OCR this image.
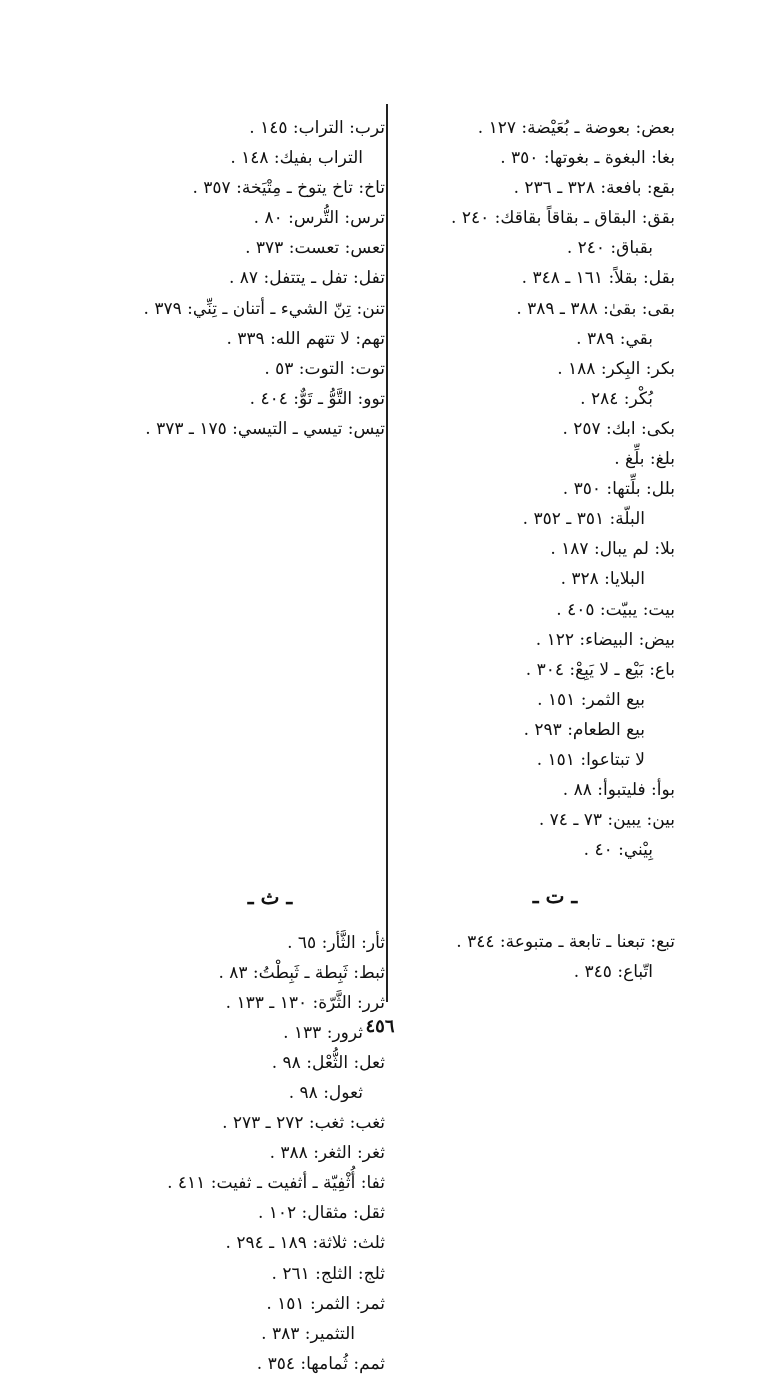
بعض: بعوضة ـ بُعَيْضة: ١٢٧ .
بغا: البغوة ـ بغوتها: ٣٥٠ .
بقع: بافعة: ٣٢٨ ـ ٢٣٦ .
بقق: البقاق ـ بقاقاً بقاقك: ٢٤٠ .
بقباق: ٢٤٠ .
بقل: بقلاً: ١٦١ ـ ٣٤٨ .
بقى: بقىٰ: ٣٨٨ ـ ٣٨٩ .
بقي: ٣٨٩ .
بكر: البِكر: ١٨٨ .
بُكْر: ٢٨٤ .
بكى: ابك: ٢٥٧ .
بلغ: بلِّغ .
بلل: بلِّتها: ٣٥٠ .
البلّة: ٣٥١ ـ ٣٥٢ .
بلا: لم يبال: ١٨٧ .
البلايا: ٣٢٨ .
بيت: يبيّت: ٤٠٥ .
بيض: البيضاء: ١٢٢ .
باع: بَيْع ـ لا يَبِعْ: ٣٠٤ .
بيع الثمر: ١٥١ .
بيع الطعام: ٢٩٣ .
لا تبتاعوا: ١٥١ .
بوأ: فليتبوأ: ٨٨ .
بين: يبين: ٧٣ ـ ٧٤ .
بِيْني: ٤٠ .
ـ ت ـ
تبع: تبعنا ـ تابعة ـ متبوعة: ٣٤٤ .
اتّباع: ٣٤٥ .
ترب: التراب: ١٤٥ .
التراب بفيك: ١٤٨ .
تاخ: تاخ يتوخ ـ مِتْيَخة: ٣٥٧ .
ترس: التُّرس: ٨٠ .
تعس: تعست: ٣٧٣ .
تفل: تفل ـ يتتفل: ٨٧ .
تنن: تِنّ الشيء ـ أتنان ـ تِنِّي: ٣٧٩ .
تهم: لا تتهم الله: ٣٣٩ .
توت: التوت: ٥٣ .
توو: التَّوُّ ـ تَوٌّ: ٤٠٤ .
تيس: تيسي ـ التيسي: ١٧٥ ـ ٣٧٣ .
ـ ث ـ
ثأر: الثَّأر: ٦٥ .
ثبط: ثَبِطة ـ ثَبِطْتُ: ٨٣ .
ثرر: الثَّرّة: ١٣٠ ـ ١٣٣ .
ثرور: ١٣٣ .
ثعل: الثُّعْل: ٩٨ .
ثعول: ٩٨ .
ثغب: ثغب: ٢٧٢ ـ ٢٧٣ .
ثغر: الثغر: ٣٨٨ .
ثفا: أُثْفِيّة ـ أثفيت ـ ثفيت: ٤١١ .
ثقل: مثقال: ١٠٢ .
ثلث: ثلاثة: ١٨٩ ـ ٢٩٤ .
ثلج: الثلج: ٢٦١ .
ثمر: الثمر: ١٥١ .
التثمير: ٣٨٣ .
ثمم: ثُمامها: ٣٥٤ .
٤٥٦
